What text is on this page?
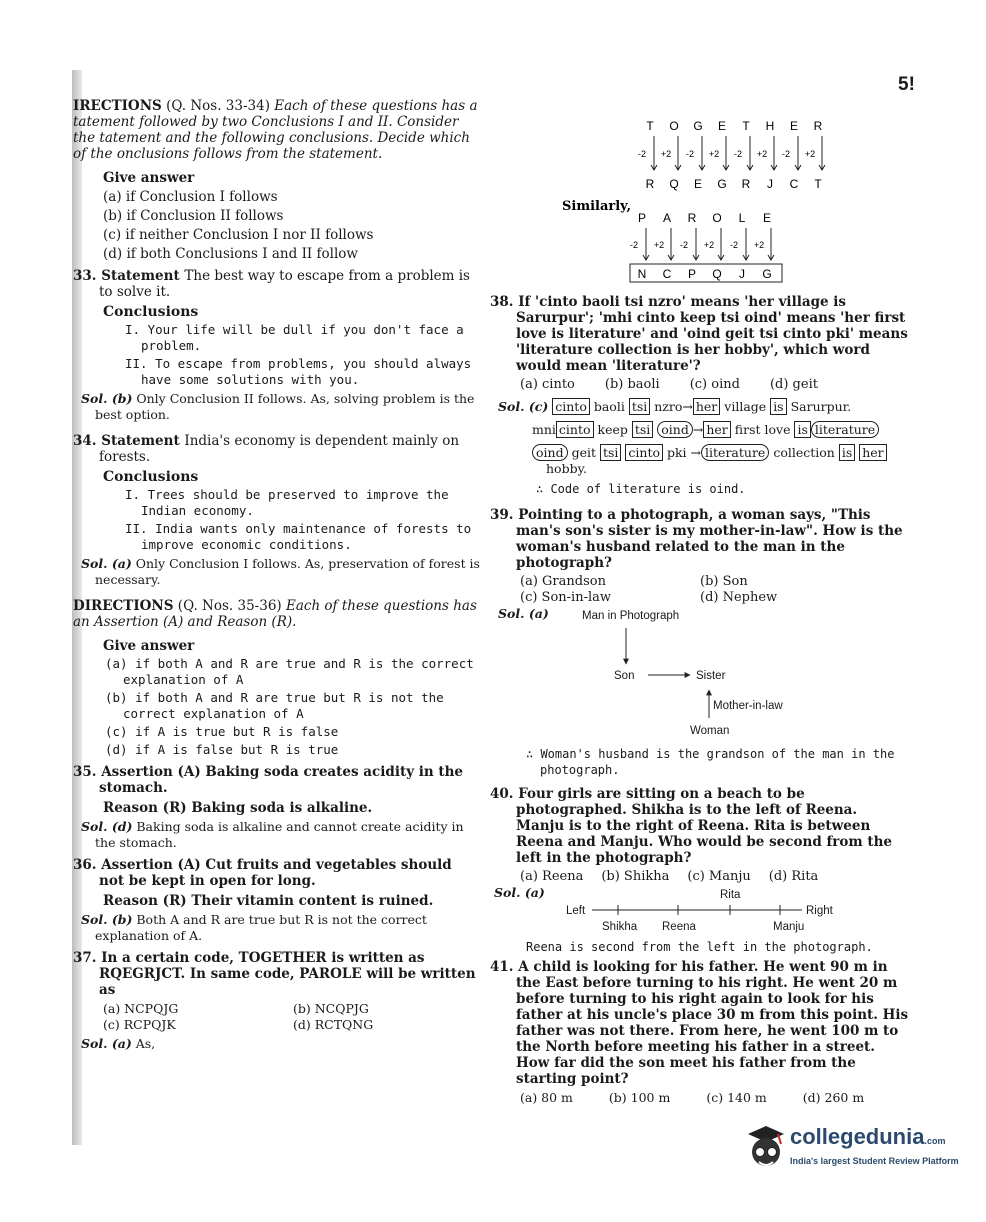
5!
IRECTIONS (Q. Nos. 33-34) Each of these questions has a tatement followed by two Conclusions I and II. Consider the tatement and the following conclusions. Decide which of the onclusions follows from the statement.
Give answer
(a) if Conclusion I follows
(b) if Conclusion II follows
(c) if neither Conclusion I nor II follows
(d) if both Conclusions I and II follow
33. Statement The best way to escape from a problem is to solve it.
Conclusions
I. Your life will be dull if you don't face a problem.
II. To escape from problems, you should always have some solutions with you.
Sol. (b) Only Conclusion II follows. As, solving problem is the best option.
34. Statement India's economy is dependent mainly on forests.
Conclusions
I. Trees should be preserved to improve the Indian economy.
II. India wants only maintenance of forests to improve economic conditions.
Sol. (a) Only Conclusion I follows. As, preservation of forest is necessary.
DIRECTIONS (Q. Nos. 35-36) Each of these questions has an Assertion (A) and Reason (R).
Give answer
(a) if both A and R are true and R is the correct explanation of A
(b) if both A and R are true but R is not the correct explanation of A
(c) if A is true but R is false
(d) if A is false but R is true
35. Assertion (A) Baking soda creates acidity in the stomach.
Reason (R) Baking soda is alkaline.
Sol. (d) Baking soda is alkaline and cannot create acidity in the stomach.
36. Assertion (A) Cut fruits and vegetables should not be kept in open for long.
Reason (R) Their vitamin content is ruined.
Sol. (b) Both A and R are true but R is not the correct explanation of A.
37. In a certain code, TOGETHER is written as RQEGRJCT. In same code, PAROLE will be written as
(a) NCPQJG	(b) NCQPJG
(c) RCPQJK	(d) RCTQNG
Sol. (a) As,
T O G E T H E R
-2 +2 -2 +2 -2 +2 -2 +2
R Q E G R J C T
Similarly,
P A R O L E
-2 +2 -2 +2 -2 +2
N C P Q J G
38. If 'cinto baoli tsi nzro' means 'her village is Sarurpur'; 'mhi cinto keep tsi oind' means 'her first love is literature' and 'oind geit tsi cinto pki' means 'literature collection is her hobby', which word would mean 'literature'?
(a) cinto (b) baoli (c) oind (d) geit
Sol. (c) cinto baoli tsi nzro→ her village is Sarurpur.
mni cinto keep tsi oind → her first love is literature
oind geit tsi cinto pki → literature collection is her hobby.
∴ Code of literature is oind.
39. Pointing to a photograph, a woman says, "This man's son's sister is my mother-in-law". How is the woman's husband related to the man in the photograph?
(a) Grandson	(b) Son
(c) Son-in-law	(d) Nephew
Sol. (a)	Man in Photograph
Son	Sister
Mother-in-law
Woman
∴ Woman's husband is the grandson of the man in the photograph.
40. Four girls are sitting on a beach to be photographed. Shikha is to the left of Reena. Manju is to the right of Reena. Rita is between Reena and Manju. Who would be second from the left in the photograph?
(a) Reena (b) Shikha (c) Manju (d) Rita
Sol. (a)	Rita
Left	Right
Shikha Reena	Manju
Reena is second from the left in the photograph.
41. A child is looking for his father. He went 90 m in the East before turning to his right. He went 20 m before turning to his right again to look for his father at his uncle's place 30 m from this point. His father was not there. From here, he went 100 m to the North before meeting his father in a street. How far did the son meet his father from the starting point?
(a) 80 m	(b) 100 m	(c) 140 m	(d) 260 m
collegedunia.com
India's largest Student Review Platform
